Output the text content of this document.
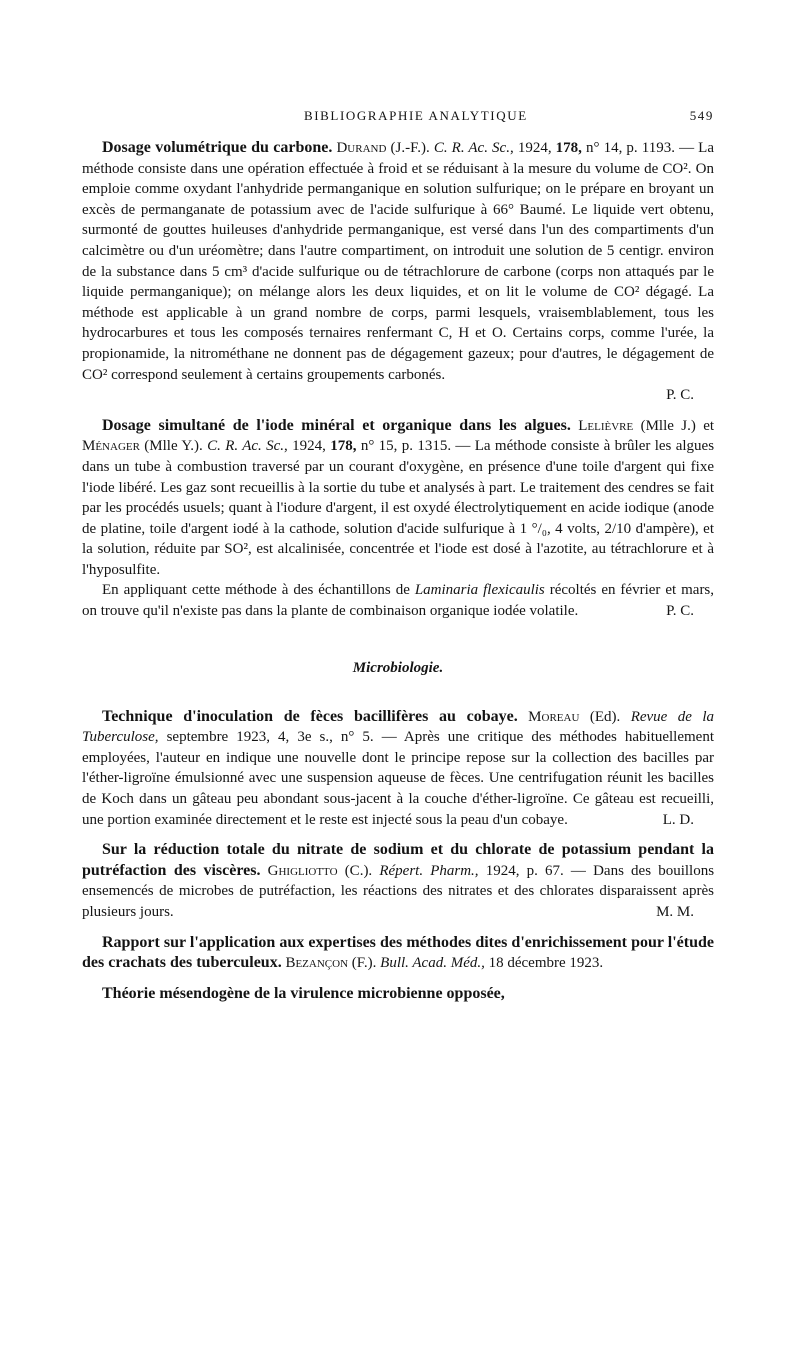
BIBLIOGRAPHIE ANALYTIQUE	549

Dosage volumétrique du carbone. Durand (J.-F.). C. R. Ac. Sc., 1924, 178, n° 14, p. 1193. — La méthode consiste dans une opération effectuée à froid et se réduisant à la mesure du volume de CO². On emploie comme oxydant l'anhydride permanganique en solution sulfurique; on le prépare en broyant un excès de permanganate de potassium avec de l'acide sulfurique à 66° Baumé. Le liquide vert obtenu, surmonté de gouttes huileuses d'anhydride permanganique, est versé dans l'un des compartiments d'un calcimètre ou d'un uréomètre; dans l'autre compartiment, on introduit une solution de 5 centigr. environ de la substance dans 5 cm³ d'acide sulfurique ou de tétrachlorure de carbone (corps non attaqués par le liquide permanganique); on mélange alors les deux liquides, et on lit le volume de CO² dégagé. La méthode est applicable à un grand nombre de corps, parmi lesquels, vraisemblablement, tous les hydrocarbures et tous les composés ternaires renfermant C, H et O. Certains corps, comme l'urée, la propionamide, la nitrométhane ne donnent pas de dégagement gazeux; pour d'autres, le dégagement de CO² correspond seulement à certains groupements carbonés.

P. C.

Dosage simultané de l'iode minéral et organique dans les algues. Lelièvre (Mlle J.) et Ménager (Mlle Y.). C. R. Ac. Sc., 1924, 178, n° 15, p. 1315. — La méthode consiste à brûler les algues dans un tube à combustion traversé par un courant d'oxygène, en présence d'une toile d'argent qui fixe l'iode libéré. Les gaz sont recueillis à la sortie du tube et analysés à part. Le traitement des cendres se fait par les procédés usuels; quant à l'iodure d'argent, il est oxydé électrolytiquement en acide iodique (anode de platine, toile d'argent iodé à la cathode, solution d'acide sulfurique à 1 °/₀, 4 volts, 2/10 d'ampère), et la solution, réduite par SO², est alcalinisée, concentrée et l'iode est dosé à l'azotite, au tétrachlorure et à l'hyposulfite.

En appliquant cette méthode à des échantillons de Laminaria flexicaulis récoltés en février et mars, on trouve qu'il n'existe pas dans la plante de combinaison organique iodée volatile.	P. C.

Microbiologie.

Technique d'inoculation de fèces bacillifères au cobaye. Moreau (Ed). Revue de la Tuberculose, septembre 1923, 4, 3e s., n° 5. — Après une critique des méthodes habituellement employées, l'auteur en indique une nouvelle dont le principe repose sur la collection des bacilles par l'éther-ligroïne émulsionné avec une suspension aqueuse de fèces. Une centrifugation réunit les bacilles de Koch dans un gâteau peu abondant sous-jacent à la couche d'éther-ligroïne. Ce gâteau est recueilli, une portion examinée directement et le reste est injecté sous la peau d'un cobaye.	L. D.

Sur la réduction totale du nitrate de sodium et du chlorate de potassium pendant la putréfaction des viscères. Ghigliotto (C.). Répert. Pharm., 1924, p. 67. — Dans des bouillons ensemencés de microbes de putréfaction, les réactions des nitrates et des chlorates disparaissent après plusieurs jours.	M. M.

Rapport sur l'application aux expertises des méthodes dites d'enrichissement pour l'étude des crachats des tuberculeux. Bezançon (F.). Bull. Acad. Méd., 18 décembre 1923.

Théorie mésendogène de la virulence microbienne opposée,
